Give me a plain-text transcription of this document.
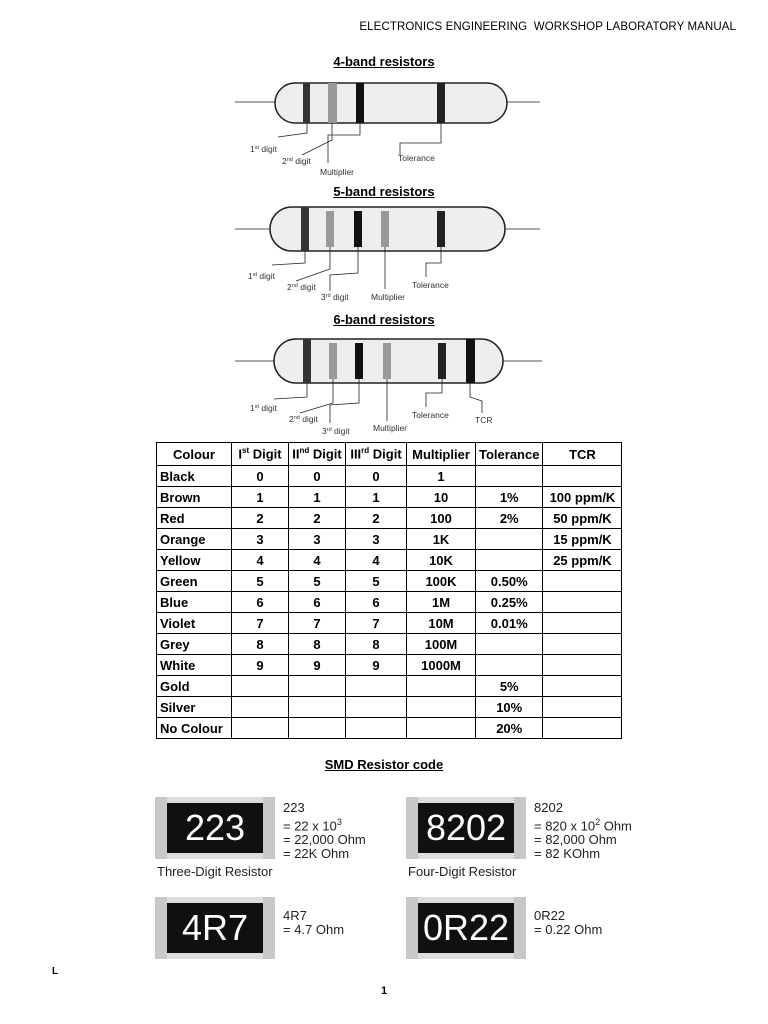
ELECTRONICS ENGINEERING  WORKSHOP LABORATORY MANUAL
4-band resistors
1st digit
2nd digit
Multiplier
Tolerance
5-band resistors
1st digit
2nd digit
3rd digit	Multiplier
Tolerance
6-band resistors
1st digit
2nd digit
3rd digit	Multiplier
Tolerance	TCR
Colour	Ist Digit	IInd Digit	IIIrd Digit	Multiplier	Tolerance	TCR
Black	0	0	0	1		
Brown	1	1	1	10	1%	100 ppm/K
Red	2	2	2	100	2%	50 ppm/K
Orange	3	3	3	1K		15 ppm/K
Yellow	4	4	4	10K		25 ppm/K
Green	5	5	5	100K	0.50%	
Blue	6	6	6	1M	0.25%	
Violet	7	7	7	10M	0.01%	
Grey	8	8	8	100M		
White	9	9	9	1000M		
Gold					5%	
Silver					10%	
No Colour					20%	
SMD Resistor code
223	223
= 22 x $10^3$
= 22,000 Ohm
= 22K Ohm
Three-Digit Resistor
8202	8202
= 820 x $10^2$ Ohm
= 82,000 Ohm
= 82 KOhm
Four-Digit Resistor
4R7	4R7
= 4.7 Ohm 0R22	0R22
= 0.22 Ohm
L
1
